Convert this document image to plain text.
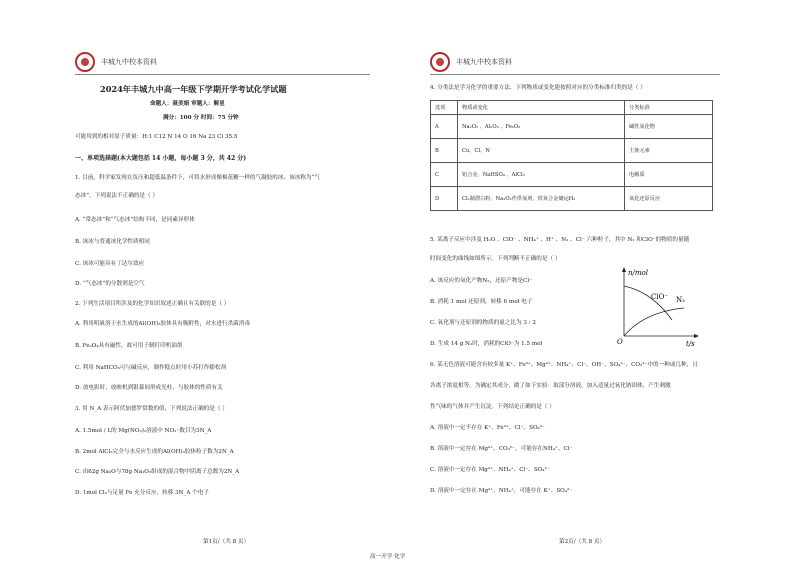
丰城九中校本资料
2024年丰城九中高一年级下学期开学考试化学试题
命题人：聂美娟 审题人：解星
满分：100 分 时间：75 分钟
可能用到的相对原子质量：H:1 C12 N 14 O 16 Na 23 Cl 35.5
一、单项选择题(本大题包括 14 小题，每小题 3 分，共 42 分)
1. 目前，科学家发现在负压和超低温条件下，可将水形成像棉花糖一样的气凝胶的冰，该冰称为“气
态冰”。下列说法不正确的是（ ）
A. “常态冰”和“气态冰”结构不同，是同素异形体
B. 该冰与普通冰化学性质相同
C. 该冰可能具有丁达尔效应
D. “气态冰”的分散剂是空气
2. 下列生活项目所涉及的化学知识叙述正确且有关联的是（ ）
A. 利用明矾溶于水生成的Al(OH)₃胶体具有吸附性，对水进行杀菌消毒
B. Fe₃O₄具有磁性，故可用于制打印机油墨
C. 利用 NaHCO₃可与碱反应，制作糕点时用小苏打作膨松剂
D. 放电影时，放映机到银幕间形成光柱，与胶体的性质有关
3. 用 N_A 表示阿伏加德罗常数的值，下列说法正确的是（ ）
A. 1.5mol / L的 Mg(NO₃)₂溶液中 NO₃⁻数目为3N_A
B. 2mol AlCl₃完全与水反应生成的Al(OH)₃胶体粒子数为2N_A
C. 由62g Na₂O与78g Na₂O₂组成的混合物中阴离子总数为2N_A
D. 1mol Cl₂与足量 Fe 充分反应，转移 3N_A 个电子
第1页/（共 8 页）
丰城九中校本资料
4. 分类法是学习化学的重要方法，下列物质或变化能按照对应的分类标准归类的是（ ）
选项	物质或变化	分类标准
A	Na₂O₂ 、Al₂O₃ 、Fe₂O₃	碱性氧化物
B	Cu、Cl、N	主族元素
C	铝合金、NaHSO₄ 、AlCl₃	电解质
D	Cl₂制漂白粉、Na₂O₂作供氧剂、铁氧合金储运H₂	氧化还原反应
5. 某离子反应中涉及 H₂O 、ClO⁻ 、NH₄⁺ 、H⁺ 、N₂ 、Cl⁻ 六种粒子，其中 N₂ 和ClO⁻的物质的量随
时间变化的曲线如图所示。下列判断不正确的是（ ）
A. 该反应的氧化产物N₂，还原产物是Cl⁻
B. 消耗 1 mol 还原剂，转移 6 mol 电子
C. 氧化剂与还原剂的物质的量之比为 3 : 2
D. 生成 14 g N₂时，消耗的ClO⁻为 1.5 mol
n/mol
t/s
O
ClO⁻ N₂
6. 某无色溶液可能含有较多量 K⁺、Fe³⁺、Mg²⁺、NH₄⁺、Cl⁻、OH⁻、SO₄²⁻、CO₃²⁻中的一种或几种，且
各离子浓度相等。为确定其成分，做了如下实验：取部分溶液，加入适量过氧化钠固体，产生刺激
性气味的气体并产生沉淀。下列结论正确的是（ ）
A. 溶液中一定不存在 K⁺、Fe³⁺、Cl⁻、SO₄²⁻
B. 溶液中一定存在 Mg²⁺、CO₃²⁻，可能存在NH₄⁺、Cl⁻
C. 溶液中一定存在 Mg²⁺、NH₄⁺、Cl⁻、SO₄²⁻
D. 溶液中一定存在 Mg²⁺、NH₄⁺，可能存在 K⁺、SO₄²⁻
第2页/（共 8 页）
高一开学 化学
